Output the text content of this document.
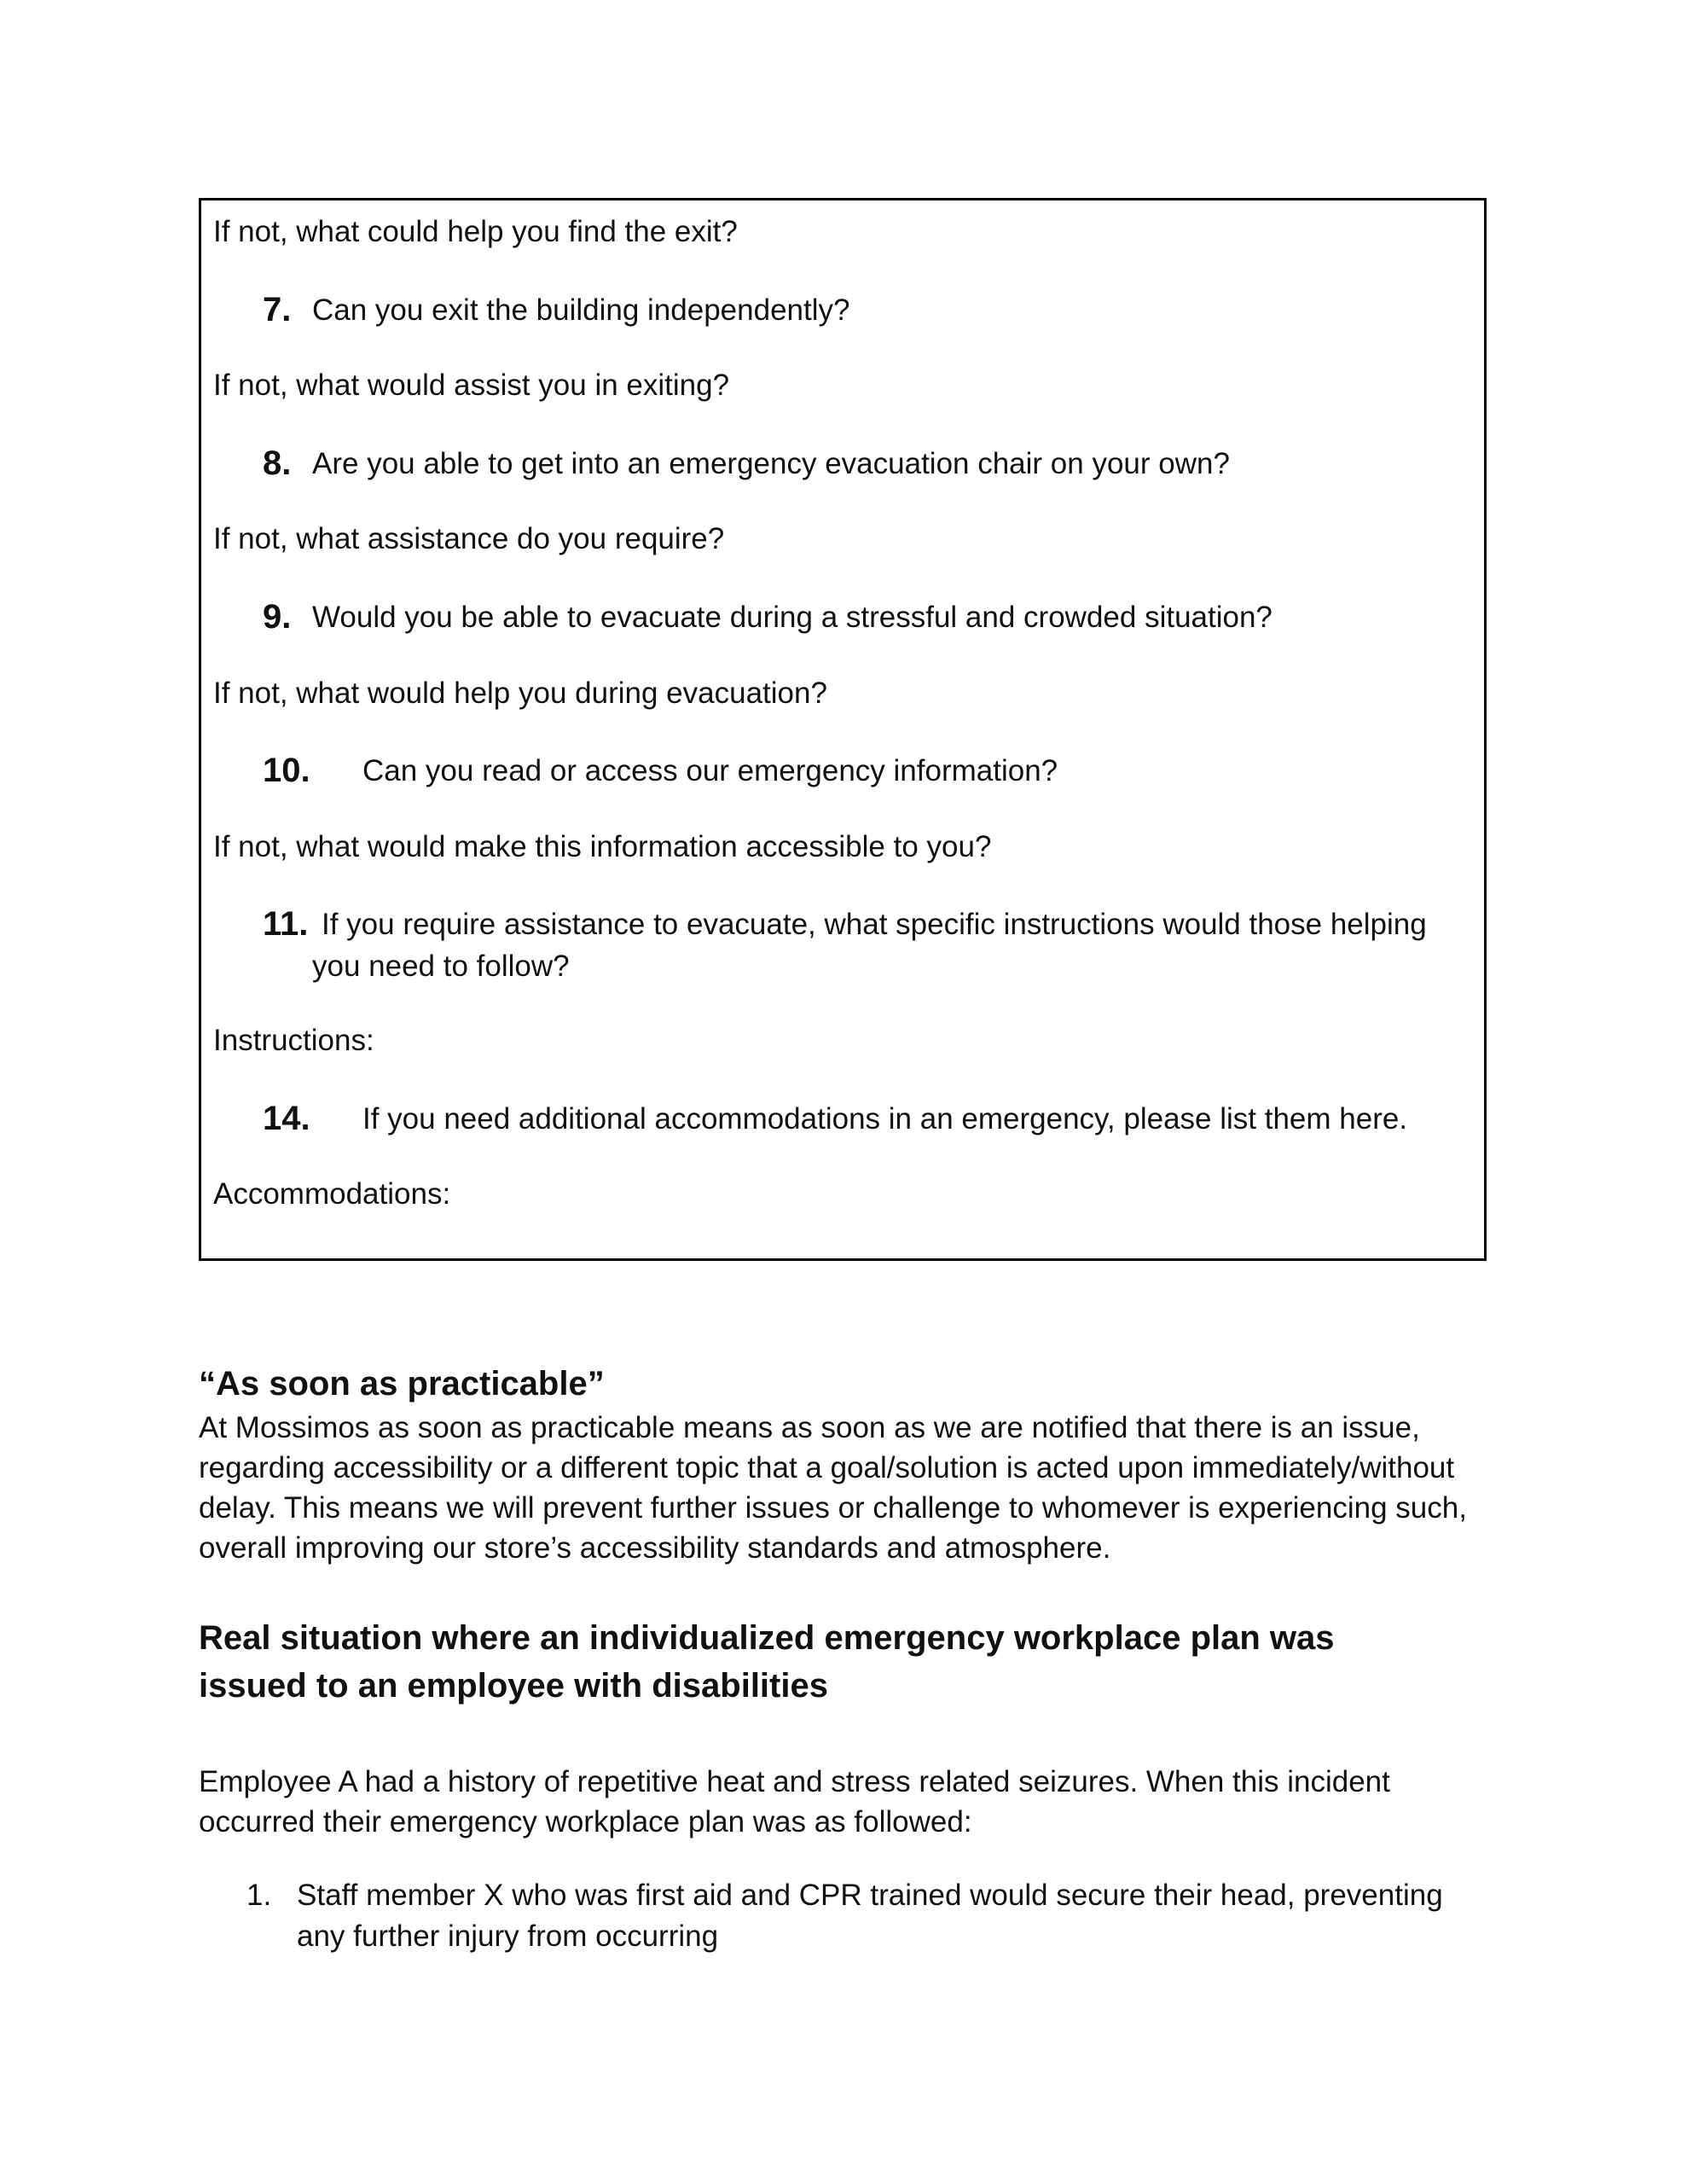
If not, what could help you find the exit?
7. Can you exit the building independently?
If not, what would assist you in exiting?
8. Are you able to get into an emergency evacuation chair on your own?
If not, what assistance do you require?
9. Would you be able to evacuate during a stressful and crowded situation?
If not, what would help you during evacuation?
10. Can you read or access our emergency information?
If not, what would make this information accessible to you?
11. If you require assistance to evacuate, what specific instructions would those helping
you need to follow?
Instructions:
14. If you need additional accommodations in an emergency, please list them here.
Accommodations:
“As soon as practicable”
At Mossimos as soon as practicable means as soon as we are notified that there is an issue,
regarding accessibility or a different topic that a goal/solution is acted upon immediately/without
delay. This means we will prevent further issues or challenge to whomever is experiencing such,
overall improving our store’s accessibility standards and atmosphere.
Real situation where an individualized emergency workplace plan was
issued to an employee with disabilities
Employee A had a history of repetitive heat and stress related seizures. When this incident
occurred their emergency workplace plan was as followed:
1. Staff member X who was first aid and CPR trained would secure their head, preventing
any further injury from occurring
